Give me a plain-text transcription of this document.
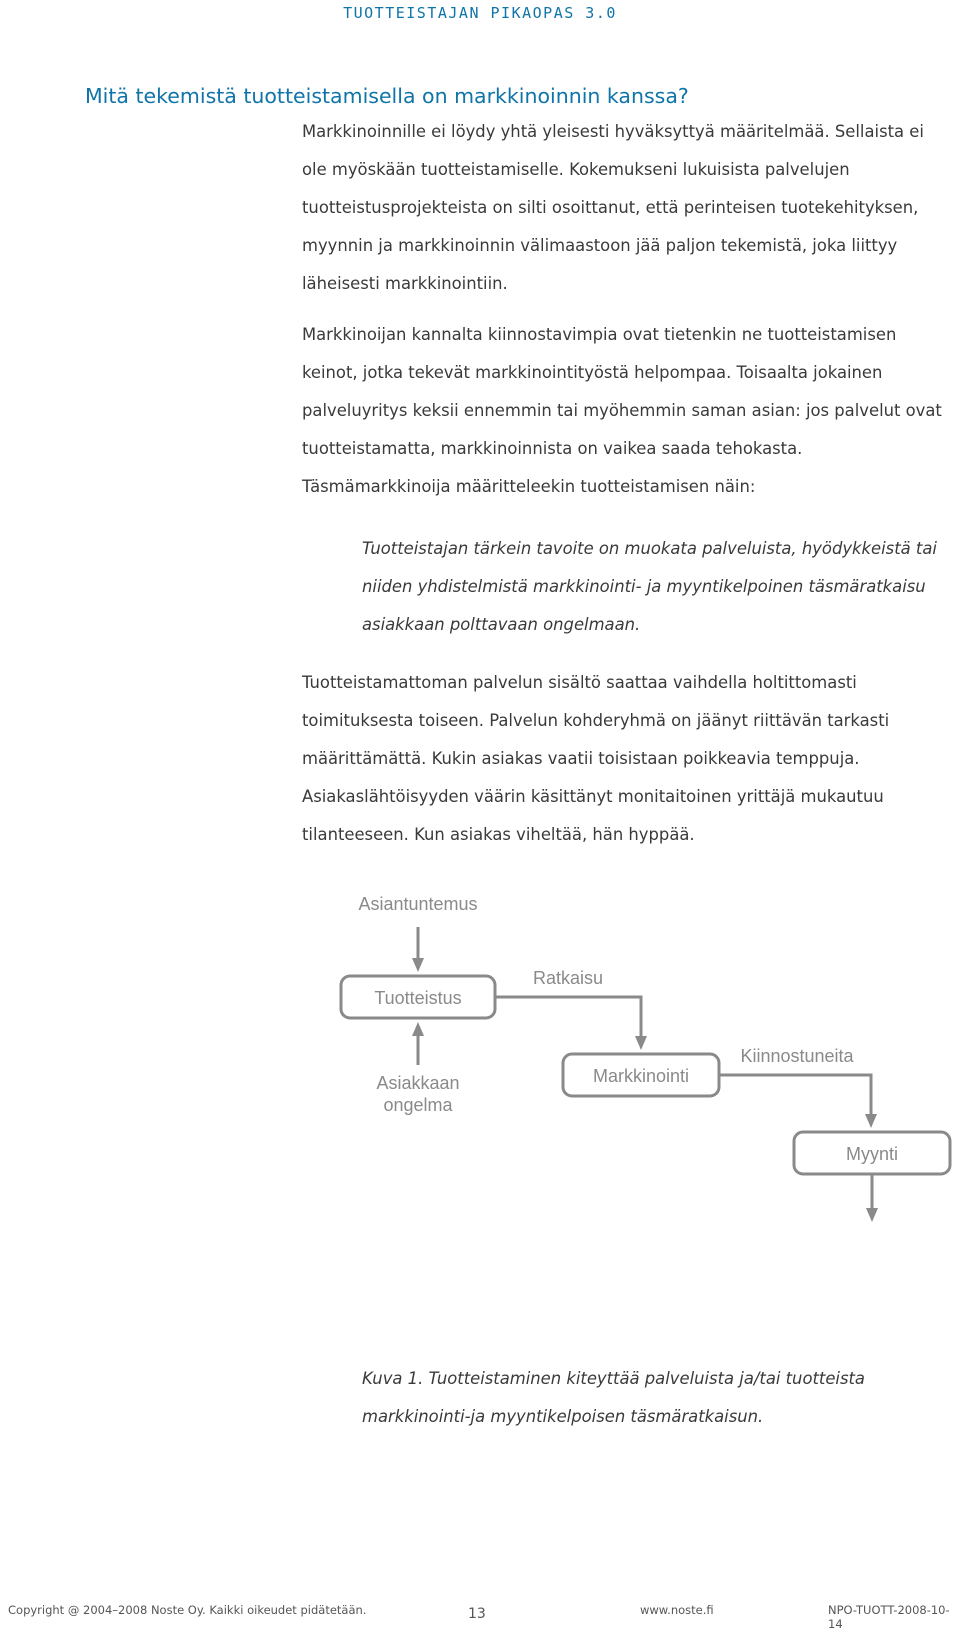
TUOTTEISTAJAN PIKAOPAS 3.0
Mitä tekemistä tuotteistamisella on markkinoinnin kanssa?

Markkinoinnille ei löydy yhtä yleisesti hyväksyttyä määritelmää. Sellaista ei ole myöskään tuotteistamiselle. Kokemukseni lukuisista palvelujen tuotteistusprojekteista on silti osoittanut, että perinteisen tuotekehityksen, myynnin ja markkinoinnin välimaastoon jää paljon tekemistä, joka liittyy läheisesti markkinointiin.

Markkinoijan kannalta kiinnostavimpia ovat tietenkin ne tuotteistamisen keinot, jotka tekevät markkinointityöstä helpompaa. Toisaalta jokainen palveluyritys keksii ennemmin tai myöhemmin saman asian: jos palvelut ovat tuotteistamatta, markkinoinnista on vaikea saada tehokasta. Täsmämarkkinoija määritteleekin tuotteistamisen näin:

Tuotteistajan tärkein tavoite on muokata palveluista, hyödykkeistä tai niiden yhdistelmistä markkinointi- ja myyntikelpoinen täsmäratkaisu asiakkaan polttavaan ongelmaan.

Tuotteistamattoman palvelun sisältö saattaa vaihdella holtittomasti toimituksesta toiseen. Palvelun kohderyhmä on jäänyt riittävän tarkasti määrittämättä. Kukin asiakas vaatii toisistaan poikkeavia temppuja. Asiakaslähtöisyyden väärin käsittänyt monitaitoinen yrittäjä mukautuu tilanteeseen. Kun asiakas viheltää, hän hyppää.

Asiantuntemus
Tuotteistus
Asiakkaan
ongelma
Ratkaisu
Markkinointi
Kiinnostuneita
Myynti

Kuva 1. Tuotteistaminen kiteyttää palveluista ja/tai tuotteista markkinointi-ja myyntikelpoisen täsmäratkaisun.

Copyright @ 2004–2008 Noste Oy. Kaikki oikeudet pidätetään.	13	www.noste.fi	NPO-TUOTT-2008-10-14
